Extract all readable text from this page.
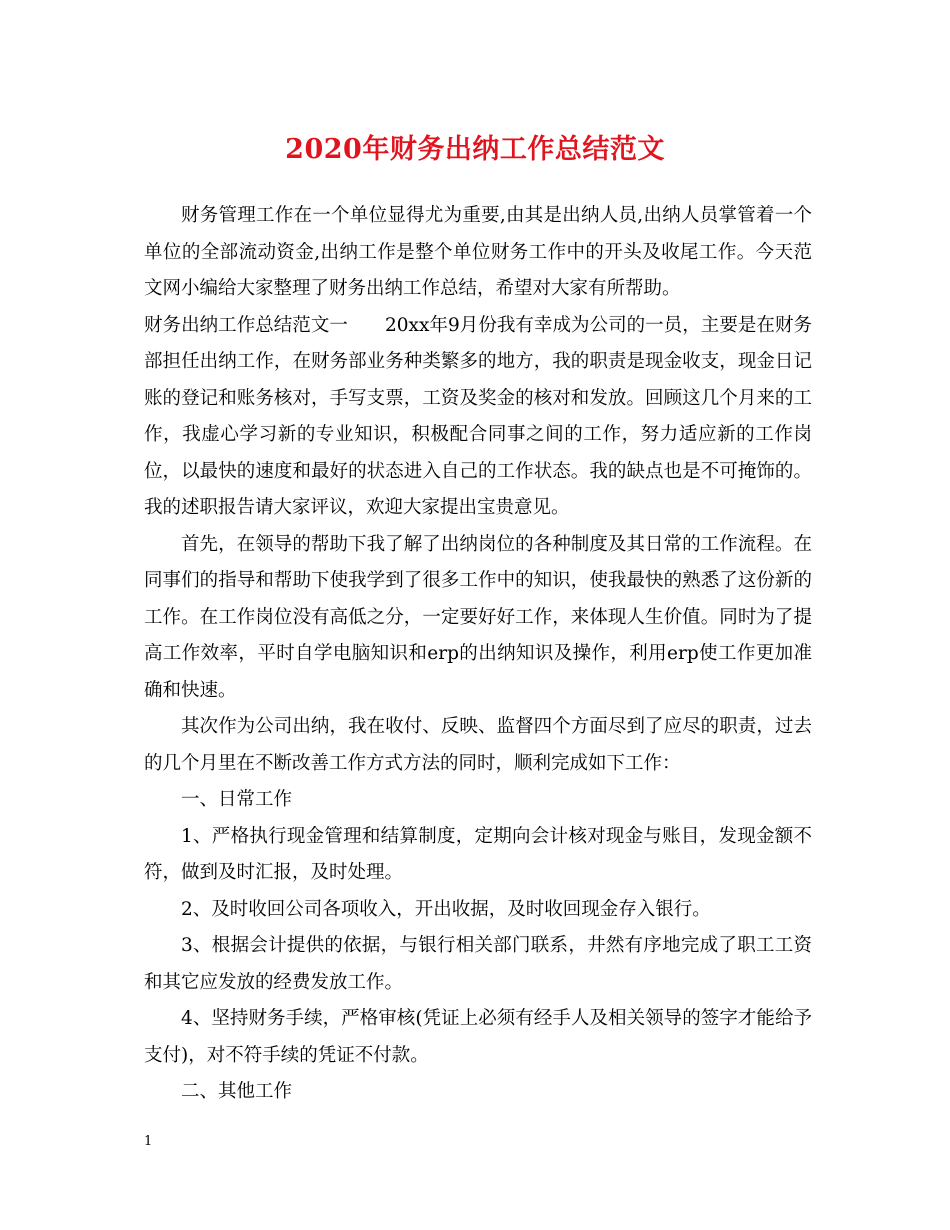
2020年财务出纳工作总结范文

财务管理工作在一个单位显得尤为重要,由其是出纳人员,出纳人员掌管着一个单位的全部流动资金,出纳工作是整个单位财务工作中的开头及收尾工作。今天范文网小编给大家整理了财务出纳工作总结，希望对大家有所帮助。

财务出纳工作总结范文一　　20xx年9月份我有幸成为公司的一员，主要是在财务部担任出纳工作，在财务部业务种类繁多的地方，我的职责是现金收支，现金日记账的登记和账务核对，手写支票，工资及奖金的核对和发放。回顾这几个月来的工作，我虚心学习新的专业知识，积极配合同事之间的工作，努力适应新的工作岗位，以最快的速度和最好的状态进入自己的工作状态。我的缺点也是不可掩饰的。我的述职报告请大家评议，欢迎大家提出宝贵意见。

首先，在领导的帮助下我了解了出纳岗位的各种制度及其日常的工作流程。在同事们的指导和帮助下使我学到了很多工作中的知识，使我最快的熟悉了这份新的工作。在工作岗位没有高低之分，一定要好好工作，来体现人生价值。同时为了提高工作效率，平时自学电脑知识和erp的出纳知识及操作，利用erp使工作更加准确和快速。

其次作为公司出纳，我在收付、反映、监督四个方面尽到了应尽的职责，过去的几个月里在不断改善工作方式方法的同时，顺利完成如下工作：

一、日常工作

1、严格执行现金管理和结算制度，定期向会计核对现金与账目，发现金额不符，做到及时汇报，及时处理。

2、及时收回公司各项收入，开出收据，及时收回现金存入银行。

3、根据会计提供的依据，与银行相关部门联系，井然有序地完成了职工工资和其它应发放的经费发放工作。

4、坚持财务手续，严格审核(凭证上必须有经手人及相关领导的签字才能给予支付)，对不符手续的凭证不付款。

二、其他工作

1
